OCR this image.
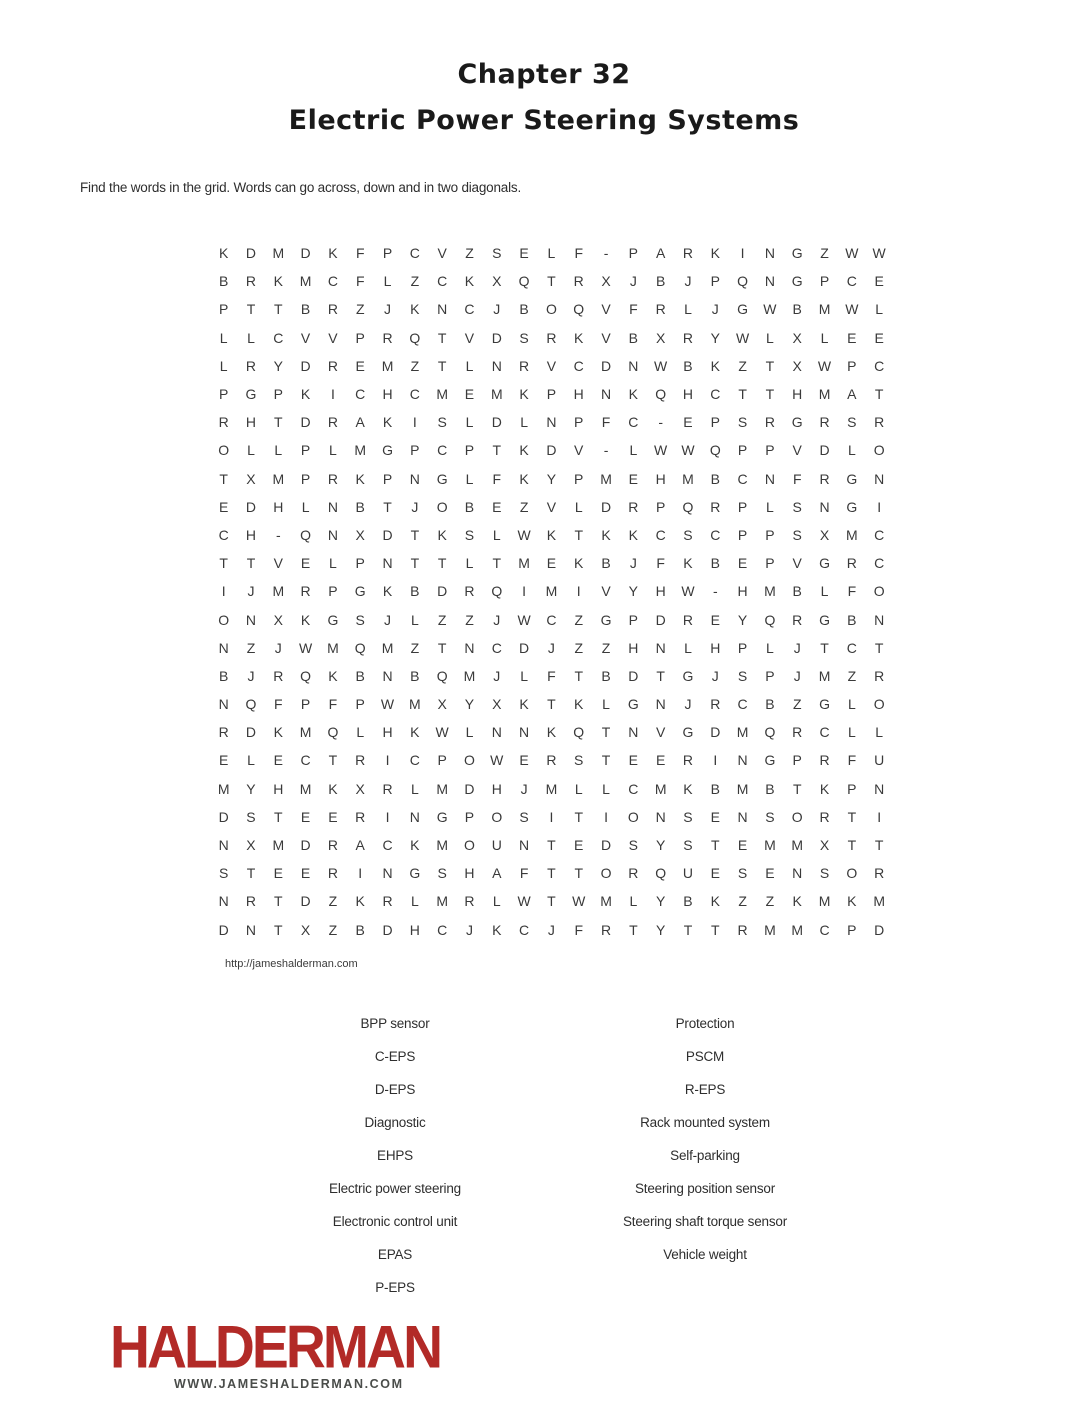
Chapter 32
Electric Power Steering Systems
Find the words in the grid. Words can go across, down and in two diagonals.
K	D	M	D	K	F	P	C	V	Z	S	E	L	F	-	P	A	R	K	I	N	G	Z	W	W
B	R	K	M	C	F	L	Z	C	K	X	Q	T	R	X	J	B	J	P	Q	N	G	P	C	E
P	T	T	B	R	Z	J	K	N	C	J	B	O	Q	V	F	R	L	J	G	W	B	M	W	L
L	L	C	V	V	P	R	Q	T	V	D	S	R	K	V	B	X	R	Y	W	L	X	L	E	E
L	R	Y	D	R	E	M	Z	T	L	N	R	V	C	D	N	W	B	K	Z	T	X	W	P	C
P	G	P	K	I	C	H	C	M	E	M	K	P	H	N	K	Q	H	C	T	T	H	M	A	T
R	H	T	D	R	A	K	I	S	L	D	L	N	P	F	C	-	E	P	S	R	G	R	S	R
O	L	L	P	L	M	G	P	C	P	T	K	D	V	-	L	W	W	Q	P	P	V	D	L	O
T	X	M	P	R	K	P	N	G	L	F	K	Y	P	M	E	H	M	B	C	N	F	R	G	N
E	D	H	L	N	B	T	J	O	B	E	Z	V	L	D	R	P	Q	R	P	L	S	N	G	I
C	H	-	Q	N	X	D	T	K	S	L	W	K	T	K	K	C	S	C	P	P	S	X	M	C
T	T	V	E	L	P	N	T	T	L	T	M	E	K	B	J	F	K	B	E	P	V	G	R	C
I	J	M	R	P	G	K	B	D	R	Q	I	M	I	V	Y	H	W	-	H	M	B	L	F	O
O	N	X	K	G	S	J	L	Z	Z	J	W	C	Z	G	P	D	R	E	Y	Q	R	G	B	N
N	Z	J	W	M	Q	M	Z	T	N	C	D	J	Z	Z	H	N	L	H	P	L	J	T	C	T
B	J	R	Q	K	B	N	B	Q	M	J	L	F	T	B	D	T	G	J	S	P	J	M	Z	R
N	Q	F	P	F	P	W	M	X	Y	X	K	T	K	L	G	N	J	R	C	B	Z	G	L	O
R	D	K	M	Q	L	H	K	W	L	N	N	K	Q	T	N	V	G	D	M	Q	R	C	L	L
E	L	E	C	T	R	I	C	P	O	W	E	R	S	T	E	E	R	I	N	G	P	R	F	U
M	Y	H	M	K	X	R	L	M	D	H	J	M	L	L	C	M	K	B	M	B	T	K	P	N
D	S	T	E	E	R	I	N	G	P	O	S	I	T	I	O	N	S	E	N	S	O	R	T	I
N	X	M	D	R	A	C	K	M	O	U	N	T	E	D	S	Y	S	T	E	M	M	X	T	T
S	T	E	E	R	I	N	G	S	H	A	F	T	T	O	R	Q	U	E	S	E	N	S	O	R
N	R	T	D	Z	K	R	L	M	R	L	W	T	W	M	L	Y	B	K	Z	Z	K	M	K	M
D	N	T	X	Z	B	D	H	C	J	K	C	J	F	R	T	Y	T	T	R	M	M	C	P	D
http://jameshalderman.com
BPP sensor
C-EPS
D-EPS
Diagnostic
EHPS
Electric power steering
Electronic control unit
EPAS
P-EPS
Protection
PSCM
R-EPS
Rack mounted system
Self-parking
Steering position sensor
Steering shaft torque sensor
Vehicle weight
HALDERMAN
WWW.JAMESHALDERMAN.COM
